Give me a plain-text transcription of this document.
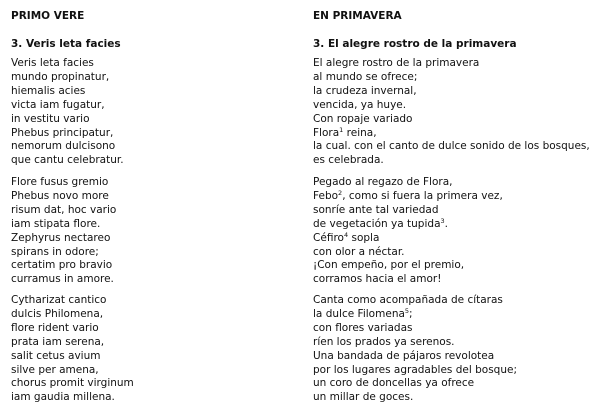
PRIMO VERE
3. Veris leta facies
Veris leta facies
mundo propinatur,
hiemalis acies
victa iam fugatur,
in vestitu vario
Phebus principatur,
nemorum dulcisono
que cantu celebratur.
Flore fusus gremio
Phebus novo more
risum dat, hoc vario
iam stipata flore.
Zephyrus nectareo
spirans in odore;
certatim pro bravio
curramus in amore.
Cytharizat cantico
dulcis Philomena,
flore rident vario
prata iam serena,
salit cetus avium
silve per amena,
chorus promit virginum
iam gaudia millena.
EN PRIMAVERA
3. El alegre rostro de la primavera
El alegre rostro de la primavera
al mundo se ofrece;
la crudeza invernal,
vencida, ya huye.
Con ropaje variado
Flora$^1$ reina,
la cual. con el canto de dulce sonido de los bosques,
es celebrada.
Pegado al regazo de Flora,
Febo$^2$, como si fuera la primera vez,
sonríe ante tal variedad
de vegetación ya tupida$^3$.
Céfro$^4$ sopla
con olor a néctar.
¡Con empeño, por el premio,
corramos hacia el amor!
Canta como acompañada de cítaras
la dulce Filomena$^5$;
con flores variadas
ríen los prados ya serenos.
Una bandada de pájaros revolotea
por los lugares agradables del bosque;
un coro de doncellas ya ofrece
un millar de goces.
